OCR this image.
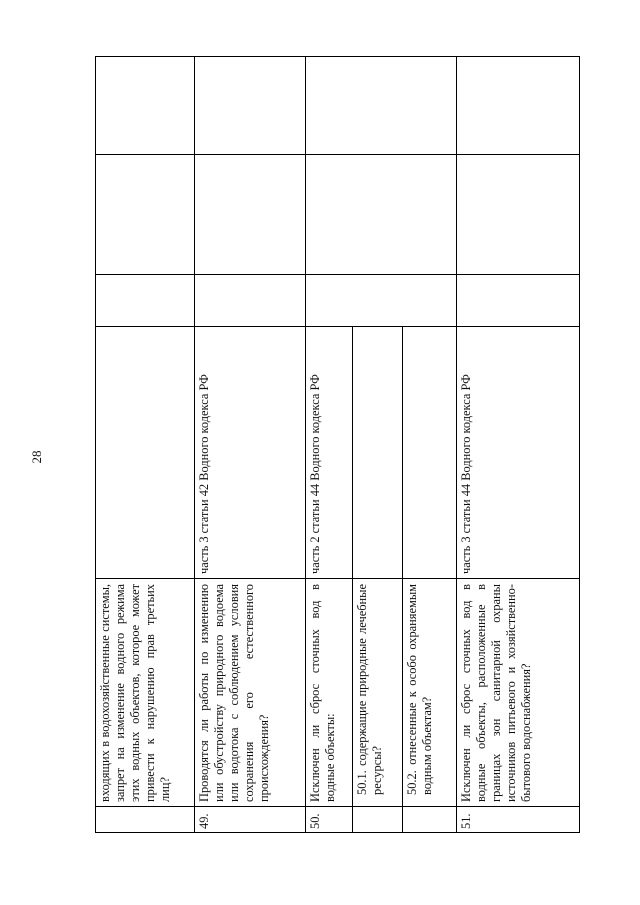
28
входящих в водохозяйственные системы, запрет на изменение водного режима этих водных объектов, которое может привести к нарушению прав третьих лиц?
49.
Проводятся ли работы по изменению или обустройству природного водоема или водотока с соблюдением условия сохранения его естественного происхождения?
часть 3 статьи 42 Водного кодекса РФ
50.
Исключен ли сброс сточных вод в водные объекты:
часть 2 статьи 44 Водного кодекса РФ
50.1. содержащие природные лечебные ресурсы?	50.2. отнесенные к особо охраняемым водным объектам?
51.
Исключен ли сброс сточных вод в водные объекты, расположенные в границах зон санитарной охраны источников питьевого и хозяйственно-бытового водоснабжения?
часть 3 статьи 44 Водного кодекса РФ
